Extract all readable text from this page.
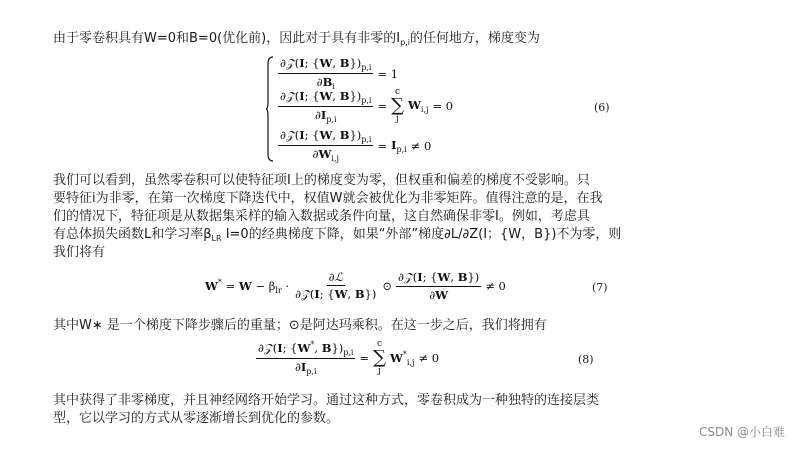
由于零卷积具有W=0和B=0(优化前)，因此对于具有非零的$I_{p,i}$的任何地方，梯度变为
$\frac{\partial 𝒵(I; \{W, B\})_{p,i}}{\partial B_i} = 1$
$\frac{\partial 𝒵(I; \{W, B\})_{p,i}}{\partial I_{p,i}}$ =
c
∑
j
$W_{i,j} = 0$
$\frac{\partial 𝒵(I; \{W, B\})_{p,i}}{\partial W_{i,j}} = I_{p,i} \ne 0$
(6)
我们可以看到，虽然零卷积可以使特征项I上的梯度变为零，但权重和偏差的梯度不受影响。只
要特征i为非零，在第一次梯度下降迭代中，权值W就会被优化为非零矩阵。值得注意的是，在我
们的情况下，特征项是从数据集采样的输入数据或条件向量，这自然确保非零I。例如，考虑具
有总体损失函数L和学习率$\beta_{LR}$ I=0的经典梯度下降，如果“外部”梯度∂L/∂Z(I；{W，B})不为零，则
我们将有
$W^* = W - \beta_{lr} \cdot \frac{\text{∂ℒ}}{\text{∂𝒵(I; \{W, B\})}}$ ⊙ $\frac{\text{∂𝒵(I; \{W, B\})}}{\partial W} \ne 0$	(7)
其中W∗ 是一个梯度下降步骤后的重量；⊙是阿达玛乘积。在这一步之后，我们将拥有
$\frac{\partial 𝒵(I; \{W^*, B\})_{p,i}}{\partial I_{p,i}}$ =
c
∑
j
$W^*_{i,j} \ne 0$	(8)
其中获得了非零梯度，并且神经网络开始学习。通过这种方式，零卷积成为一种独特的连接层类
型，它以学习的方式从零逐渐增长到优化的参数。
CSDN @小白难
